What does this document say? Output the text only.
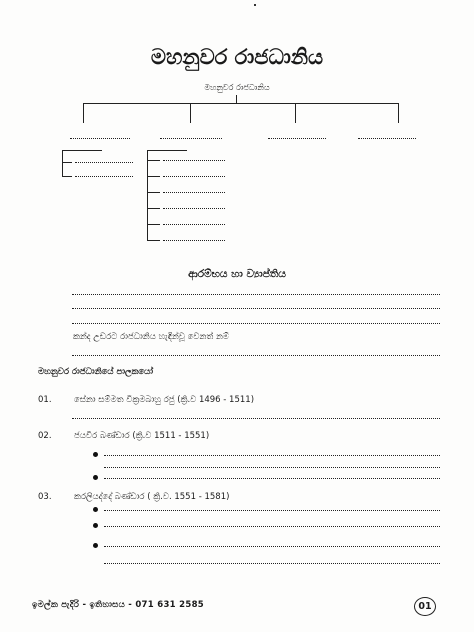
මහනුවර රාජධානිය
මහනුවර රාජධානිය
ආරම්භය හා ව්‍යාප්තිය
කන්ද උඩරට රාජධානිය හැඳින්වූ වෙනත් නම්
මහනුවර රාජධානියේ පාලකයෝ
01.	සේනා සම්මත වික්‍රමබාහු රජු (ක්‍රි.ව 1496 - 1511)
02.	ජයවීර බණ්ඩාර (ක්‍රි.ව 1511 - 1551)
03.	කරලියද්දේ බණ්ඩාර ( ක්‍රි.ව. 1551 - 1581)
ඉමල්ක පැදිරි - ඉතිහාසය - 071 631 2585	01
